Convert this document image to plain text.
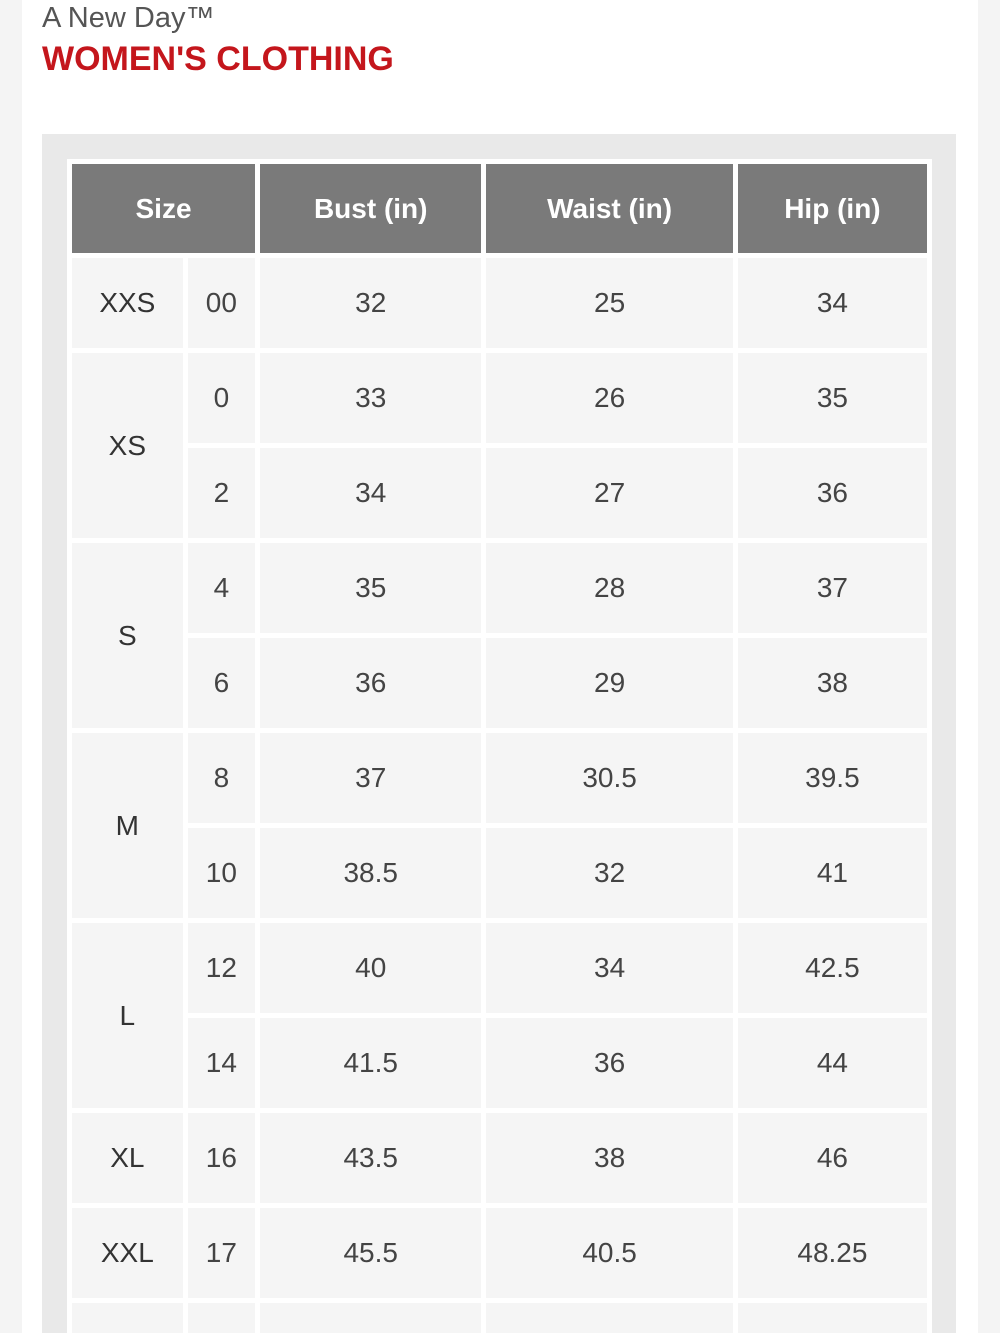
A New Day™
WOMEN'S CLOTHING
Size		Bust (in)	Waist (in)	Hip (in)
XXS	00	32	25	34
XS	0	33	26	35
	2	34	27	36
S	4	35	28	37
	6	36	29	38
M	8	37	30.5	39.5
	10	38.5	32	41
L	12	40	34	42.5
	14	41.5	36	44
XL	16	43.5	38	46
XXL	17	45.5	40.5	48.25
